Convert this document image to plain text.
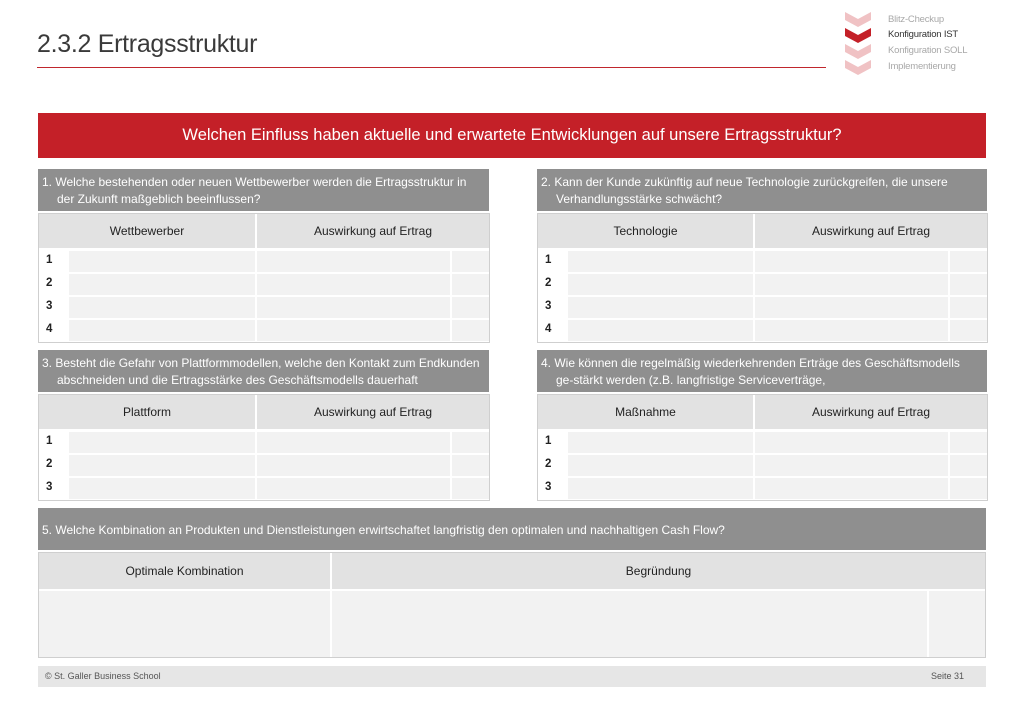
2.3.2 Ertragsstruktur
Blitz-Checkup
Konfiguration IST
Konfiguration SOLL
Implementierung
Welchen Einfluss haben aktuelle und erwartete Entwicklungen auf unsere Ertragsstruktur?
1. Welche bestehenden oder neuen Wettbewerber werden die Ertragsstruktur in der Zukunft maßgeblich beeinflussen?
Wettbewerber	Auswirkung auf Ertrag
1
2
3
4
2. Kann der Kunde zukünftig auf neue Technologie zurückgreifen, die unsere Verhandlungsstärke schwächt?
Technologie	Auswirkung auf Ertrag
1
2
3
4
3. Besteht die Gefahr von Plattformmodellen, welche den Kontakt zum Endkunden abschneiden und die Ertragsstärke des Geschäftsmodells dauerhaft
Plattform	Auswirkung auf Ertrag
1
2
3
4. Wie können die regelmäßig wiederkehrenden Erträge des Geschäftsmodells ge-stärkt werden (z.B. langfristige Serviceverträge,
Maßnahme	Auswirkung auf Ertrag
1
2
3
5. Welche Kombination an Produkten und Dienstleistungen erwirtschaftet langfristig den optimalen und nachhaltigen Cash Flow?
Optimale Kombination	Begründung
© St. Galler Business School	Seite 31
